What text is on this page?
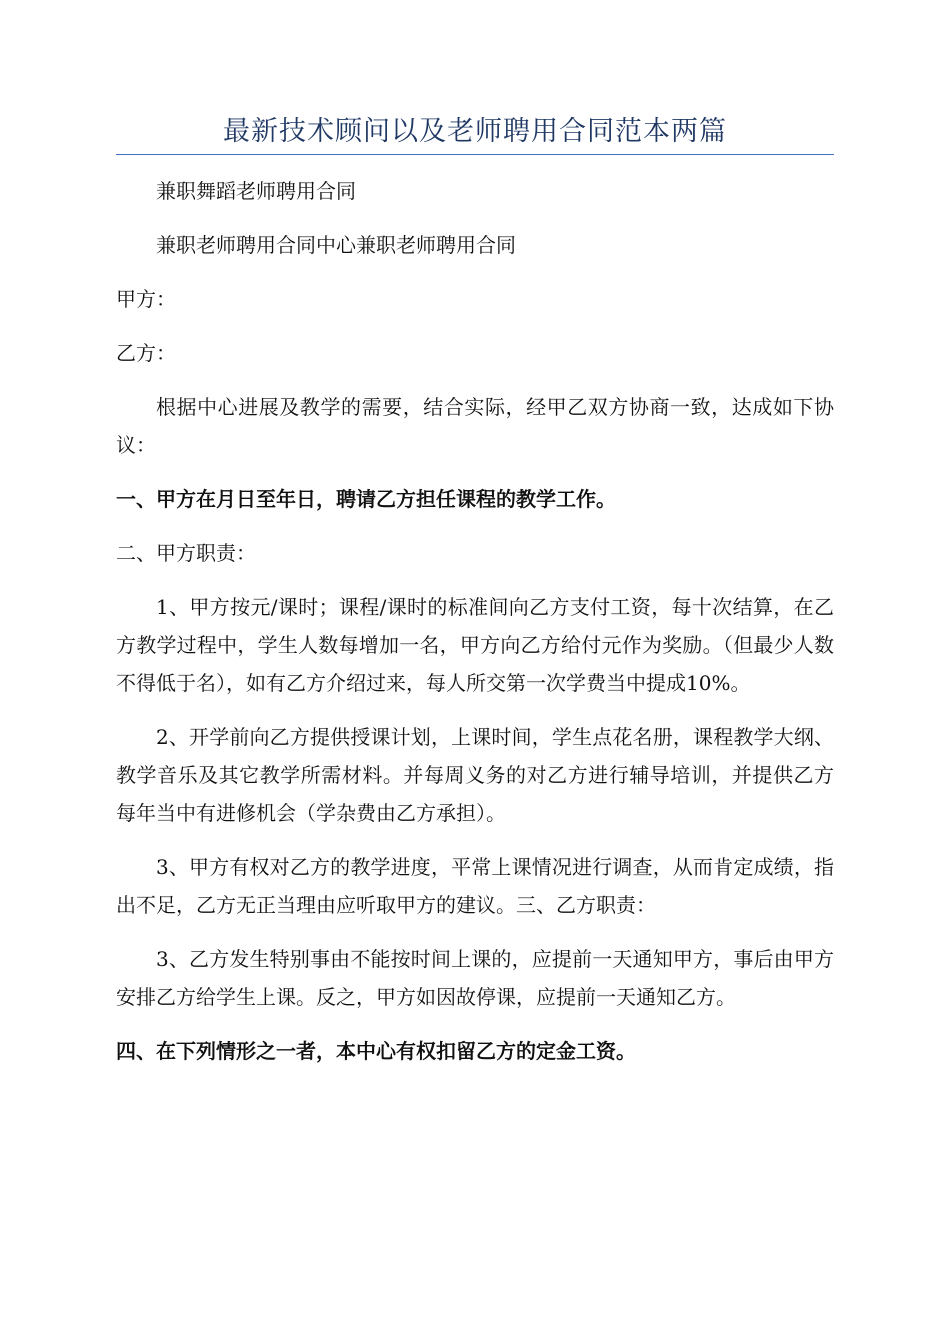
最新技术顾问以及老师聘用合同范本两篇

兼职舞蹈老师聘用合同

兼职老师聘用合同中心兼职老师聘用合同

甲方：

乙方：

根据中心进展及教学的需要，结合实际，经甲乙双方协商一致，达成如下协议：

一、甲方在月日至年日，聘请乙方担任课程的教学工作。

二、甲方职责：

1、甲方按元/课时；课程/课时的标准间向乙方支付工资，每十次结算，在乙方教学过程中，学生人数每增加一名，甲方向乙方给付元作为奖励。（但最少人数不得低于名），如有乙方介绍过来，每人所交第一次学费当中提成10%。

2、开学前向乙方提供授课计划，上课时间，学生点花名册，课程教学大纲、教学音乐及其它教学所需材料。并每周义务的对乙方进行辅导培训，并提供乙方每年当中有进修机会（学杂费由乙方承担）。

3、甲方有权对乙方的教学进度，平常上课情况进行调查，从而肯定成绩，指出不足，乙方无正当理由应听取甲方的建议。三、乙方职责：

3、乙方发生特别事由不能按时间上课的，应提前一天通知甲方，事后由甲方安排乙方给学生上课。反之，甲方如因故停课，应提前一天通知乙方。

四、在下列情形之一者，本中心有权扣留乙方的定金工资。
